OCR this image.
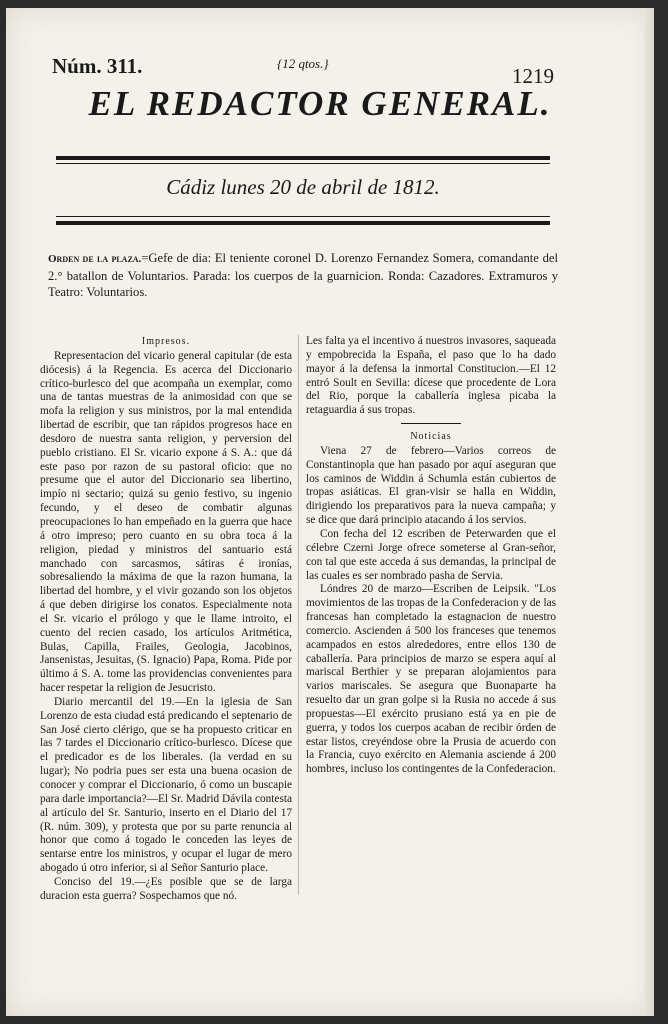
Núm. 311.	{12 qtos.}
1219
EL REDACTOR GENERAL.
Cádiz lunes 20 de abril de 1812.
Orden de la plaza.=Gefe de dia: El teniente coronel D. Lorenzo Fernandez Somera, comandante del 2.° batallon de Voluntarios. Parada: los cuerpos de la guarnicion. Ronda: Cazadores. Extramuros y Teatro: Voluntarios.

Impresos.

Representacion del vicario general capitular (de esta diócesis) á la Regencia. Es acerca del Diccionario crítico-burlesco del que acompaña un exemplar, como una de tantas muestras de la animosidad con que se mofa la religion y sus ministros, por la mal entendida libertad de escribir, que tan rápidos progresos hace en desdoro de nuestra santa religion, y perversion del pueblo cristiano. El Sr. vicario expone á S. A.: que dá este paso por razon de su pastoral oficio: que no presume que el autor del Diccionario sea libertino, impío ni sectario; quizá su genio festivo, su ingenio fecundo, y el deseo de combatir algunas preocupaciones lo han empeñado en la guerra que hace á otro impreso; pero cuanto en su obra toca á la religion, piedad y ministros del santuario está manchado con sarcasmos, sátiras é ironías, sobresaliendo la máxima de que la razon humana, la libertad del hombre, y el vivir gozando son los objetos á que deben dirigirse los conatos. Especialmente nota el Sr. vicario el prólogo y que le llame introito, el cuento del recien casado, los artículos Aritmética, Bulas, Capilla, Frailes, Geologia, Jacobinos, Jansenistas, Jesuitas, (S. Ignacio) Papa, Roma. Pide por último á S. A. tome las providencias convenientes para hacer respetar la religion de Jesucristo.

Diario mercantil del 19.—En la iglesia de San Lorenzo de esta ciudad está predicando el septenario de San José cierto clérigo, que se ha propuesto criticar en las 7 tardes el Diccionario crítico-burlesco. Dícese que el predicador es de los liberales. (la verdad en su lugar); No podria pues ser esta una buena ocasion de conocer y comprar el Diccionario, ó como un buscapie para darle importancia?—El Sr. Madrid Dávila contesta al artículo del Sr. Santurio, inserto en el Diario del 17 (R. núm. 309), y protesta que por su parte renuncia al honor que como á togado le conceden las leyes de sentarse entre los ministros, y ocupar el lugar de mero abogado ú otro inferior, si al Señor Santurio place.

Conciso del 19.—¿Es posible que se de larga duracion esta guerra? Sospechamos que nó.

Les falta ya el incentivo á nuestros invasores, saqueada y empobrecida la España, el paso que lo ha dado mayor á la defensa la inmortal Constitucion.—El 12 entró Soult en Sevilla: dícese que procedente de Lora del Rio, porque la caballería inglesa picaba la retaguardia á sus tropas.

Noticias

Viena 27 de febrero—Varios correos de Constantinopla que han pasado por aquí aseguran que los caminos de Widdin á Schumla están cubiertos de tropas asiáticas. El gran-visir se halla en Widdin, dirigiendo los preparativos para la nueva campaña; y se dice que dará principio atacando á los servios.

Con fecha del 12 escriben de Peterwarden que el célebre Czerni Jorge ofrece someterse al Gran-señor, con tal que este acceda á sus demandas, la principal de las cuales es ser nombrado pasha de Servia.

Lóndres 20 de marzo—Escriben de Leipsik. "Los movimientos de las tropas de la Confederacion y de las francesas han completado la estagnacion de nuestro comercio. Ascienden á 500 los franceses que tenemos acampados en estos alrededores, entre ellos 130 de caballería. Para principios de marzo se espera aquí al mariscal Berthier y se preparan alojamientos para varios mariscales. Se asegura que Buonaparte ha resuelto dar un gran golpe si la Rusia no accede á sus propuestas—El exército prusiano está ya en pie de guerra, y todos los cuerpos acaban de recibir órden de estar listos, creyéndose obre la Prusia de acuerdo con la Francia, cuyo exército en Alemania asciende á 200 hombres, incluso los contingentes de la Confederacion.
